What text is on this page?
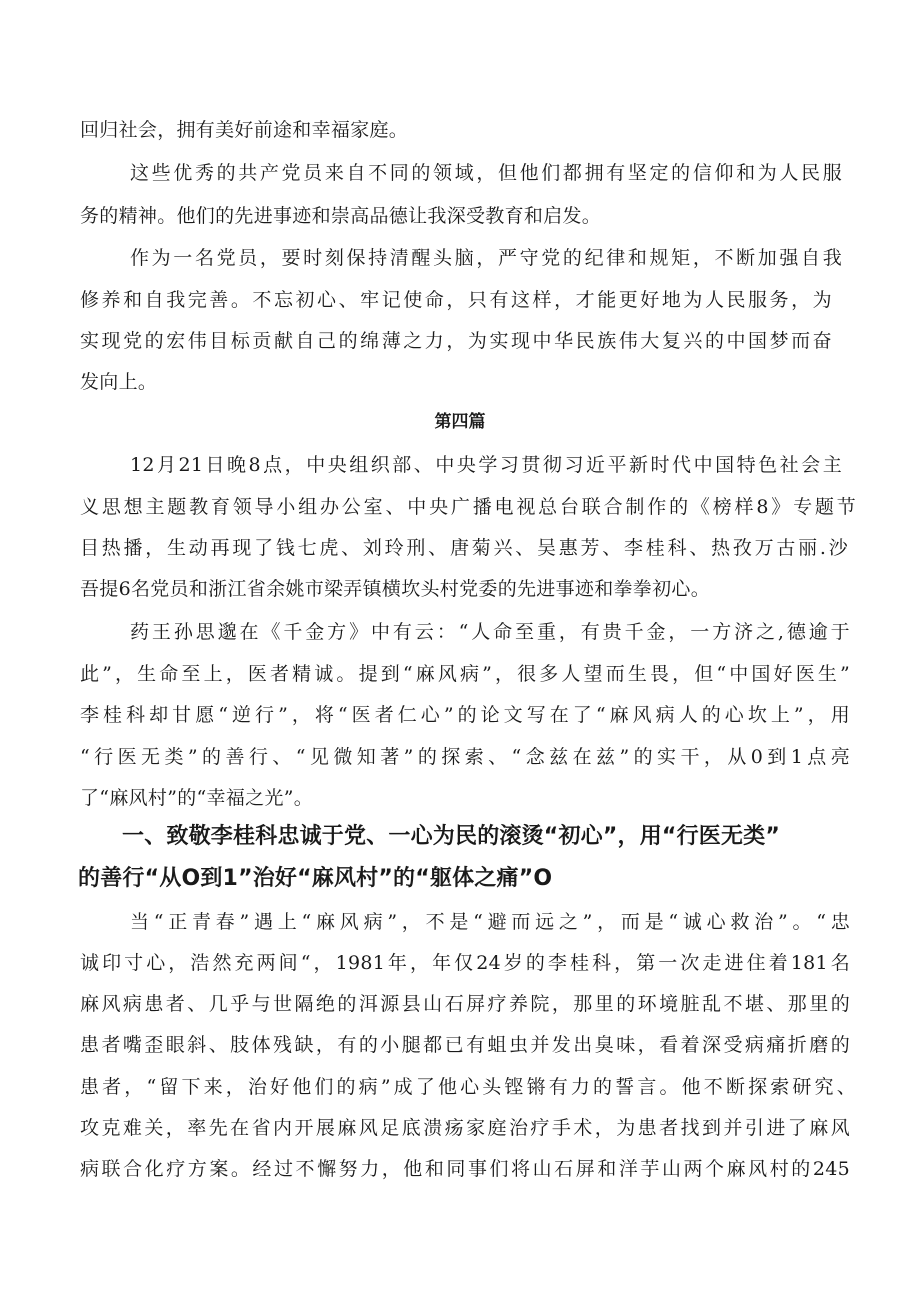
回归社会，拥有美好前途和幸福家庭。
这些优秀的共产党员来自不同的领域，但他们都拥有坚定的信仰和为人民服
务的精神。他们的先进事迹和崇高品德让我深受教育和启发。
作为一名党员，要时刻保持清醒头脑，严守党的纪律和规矩，不断加强自我
修养和自我完善。不忘初心、牢记使命，只有这样，才能更好地为人民服务，为
实现党的宏伟目标贡献自己的绵薄之力，为实现中华民族伟大复兴的中国梦而奋
发向上。
第四篇
12月21日晚8点，中央组织部、中央学习贯彻习近平新时代中国特色社会主
义思想主题教育领导小组办公室、中央广播电视总台联合制作的《榜样8》专题节
目热播，生动再现了钱七虎、刘玲刑、唐菊兴、吴惠芳、李桂科、热孜万古丽.沙
吾提6名党员和浙江省余姚市梁弄镇横坎头村党委的先进事迹和拳拳初心。
药王孙思邈在《千金方》中有云：“人命至重，有贵千金，一方济之,德逾于
此”，生命至上，医者精诚。提到“麻风病”，很多人望而生畏，但“中国好医生”
李桂科却甘愿“逆行”，将“医者仁心”的论文写在了“麻风病人的心坎上”，用
“行医无类”的善行、“见微知著”的探索、“念兹在兹”的实干，从0到1点亮
了“麻风村”的“幸福之光”。
一、致敬李桂科忠诚于党、一心为民的滚烫“初心”，用“行医无类”
的善行“从O到1”治好“麻风村”的“躯体之痛”O
当“正青春”遇上“麻风病”，不是“避而远之”，而是“诚心救治”。“忠
诚印寸心，浩然充两间“，1981年，年仅24岁的李桂科，第一次走进住着181名
麻风病患者、几乎与世隔绝的洱源县山石屏疗养院，那里的环境脏乱不堪、那里的
患者嘴歪眼斜、肢体残缺，有的小腿都已有蛆虫并发出臭味，看着深受病痛折磨的
患者，“留下来，治好他们的病”成了他心头铿锵有力的誓言。他不断探索研究、
攻克难关，率先在省内开展麻风足底溃疡家庭治疗手术，为患者找到并引进了麻风
病联合化疗方案。经过不懈努力，他和同事们将山石屏和洋芋山两个麻风村的245
